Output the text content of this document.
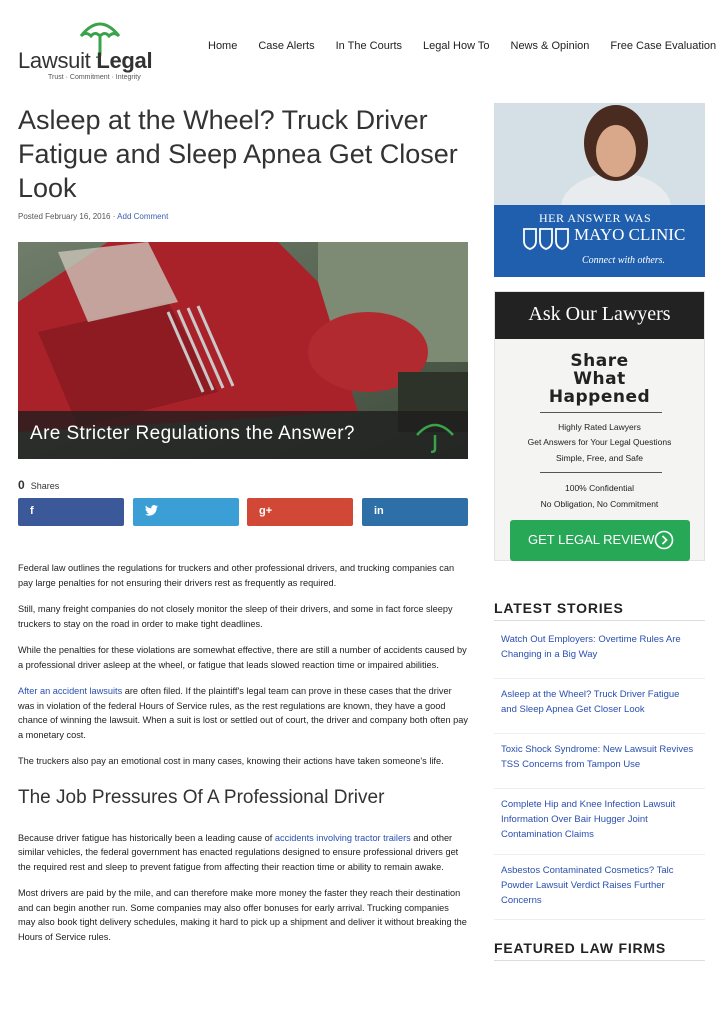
Lawsuit Legal
Trust · Commitment · Integrity
Home Case Alerts In The Courts Legal How To News & Opinion Free Case Evaluation
Asleep at the Wheel? Truck Driver Fatigue and Sleep Apnea Get Closer Look
Posted February 16, 2016 · Add Comment
Are Stricter Regulations the Answer?
0 Shares
f	g+	in

Federal law outlines the regulations for truckers and other professional drivers, and trucking companies can pay large penalties for not ensuring their drivers rest as frequently as required.

Still, many freight companies do not closely monitor the sleep of their drivers, and some in fact force sleepy truckers to stay on the road in order to make tight deadlines.

While the penalties for these violations are somewhat effective, there are still a number of accidents caused by a professional driver asleep at the wheel, or fatigue that leads slowed reaction time or impaired abilities.

After an accident lawsuits are often filed. If the plaintiff's legal team can prove in these cases that the driver was in violation of the federal Hours of Service rules, as the rest regulations are known, they have a good chance of winning the lawsuit. When a suit is lost or settled out of court, the driver and company both often pay a monetary cost.

The truckers also pay an emotional cost in many cases, knowing their actions have taken someone's life.

The Job Pressures Of A Professional Driver

Because driver fatigue has historically been a leading cause of accidents involving tractor trailers and other similar vehicles, the federal government has enacted regulations designed to ensure professional drivers get the required rest and sleep to prevent fatigue from affecting their reaction time or ability to remain awake.

Most drivers are paid by the mile, and can therefore make more money the faster they reach their destination and can begin another run. Some companies may also offer bonuses for early arrival. Trucking companies may also book tight delivery schedules, making it hard to pick up a shipment and deliver it without breaking the Hours of Service rules.

HER ANSWER WAS
MAYO CLINIC
Connect with others.
Ask Our Lawyers
Share
What
Happened
Highly Rated Lawyers
Get Answers for Your Legal Questions
Simple, Free, and Safe
100% Confidential
No Obligation, No Commitment
GET LEGAL REVIEW
LATEST STORIES
Watch Out Employers: Overtime Rules Are Changing in a Big Way
Asleep at the Wheel? Truck Driver Fatigue and Sleep Apnea Get Closer Look
Toxic Shock Syndrome: New Lawsuit Revives TSS Concerns from Tampon Use
Complete Hip and Knee Infection Lawsuit Information Over Bair Hugger Joint Contamination Claims
Asbestos Contaminated Cosmetics? Talc Powder Lawsuit Verdict Raises Further Concerns
FEATURED LAW FIRMS
